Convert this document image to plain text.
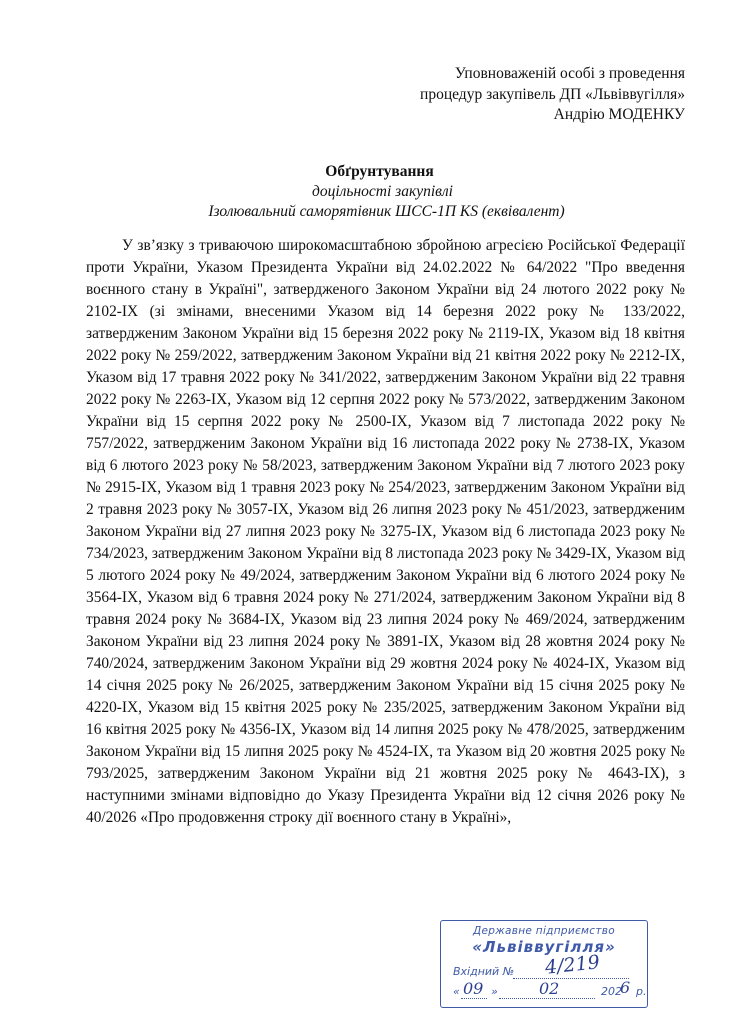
Уповноваженій особі з проведення
процедур закупівель ДП «Львіввугілля»
Андрію МОДЕНКУ
Обґрунтування
доцільності закупівлі
Ізолювальний саморятівник ШСС-1П KS (еквівалент)

У зв’язку з триваючою широкомасштабною збройною агресією Російської Федерації проти України, Указом Президента України від 24.02.2022 № 64/2022 "Про введення воєнного стану в Україні", затвердженого Законом України від 24 лютого 2022 року № 2102-IX (зі змінами, внесеними Указом від 14 березня 2022 року № 133/2022, затвердженим Законом України від 15 березня 2022 року № 2119-IX, Указом від 18 квітня 2022 року № 259/2022, затвердженим Законом України від 21 квітня 2022 року № 2212-IX, Указом від 17 травня 2022 року № 341/2022, затвердженим Законом України від 22 травня 2022 року № 2263-IX, Указом від 12 серпня 2022 року № 573/2022, затвердженим Законом України від 15 серпня 2022 року № 2500-IX, Указом від 7 листопада 2022 року № 757/2022, затвердженим Законом України від 16 листопада 2022 року № 2738-IX, Указом від 6 лютого 2023 року № 58/2023, затвердженим Законом України від 7 лютого 2023 року № 2915-IX, Указом від 1 травня 2023 року № 254/2023, затвердженим Законом України від 2 травня 2023 року № 3057-IX, Указом від 26 липня 2023 року № 451/2023, затвердженим Законом України від 27 липня 2023 року № 3275-IX, Указом від 6 листопада 2023 року № 734/2023, затвердженим Законом України від 8 листопада 2023 року № 3429-IX, Указом від 5 лютого 2024 року № 49/2024, затвердженим Законом України від 6 лютого 2024 року № 3564-IX, Указом від 6 травня 2024 року № 271/2024, затвердженим Законом України від 8 травня 2024 року № 3684-IX, Указом від 23 липня 2024 року № 469/2024, затвердженим Законом України від 23 липня 2024 року № 3891-IX, Указом від 28 жовтня 2024 року № 740/2024, затвердженим Законом України від 29 жовтня 2024 року № 4024-IX, Указом від 14 січня 2025 року № 26/2025, затвердженим Законом України від 15 січня 2025 року № 4220-IX, Указом від 15 квітня 2025 року № 235/2025, затвердженим Законом України від 16 квітня 2025 року № 4356-IX, Указом від 14 липня 2025 року № 478/2025, затвердженим Законом України від 15 липня 2025 року № 4524-IX, та Указом від 20 жовтня 2025 року № 793/2025, затвердженим Законом України від 21 жовтня 2025 року № 4643-IX), з наступними змінами відповідно до Указу Президента України від 12 січня 2026 року № 40/2026 «Про продовження строку дії воєнного стану в Україні»,

Державне підприємство
«Львіввугілля»
Вхідний № 4/219
« 09 »	02	202
6 р.
